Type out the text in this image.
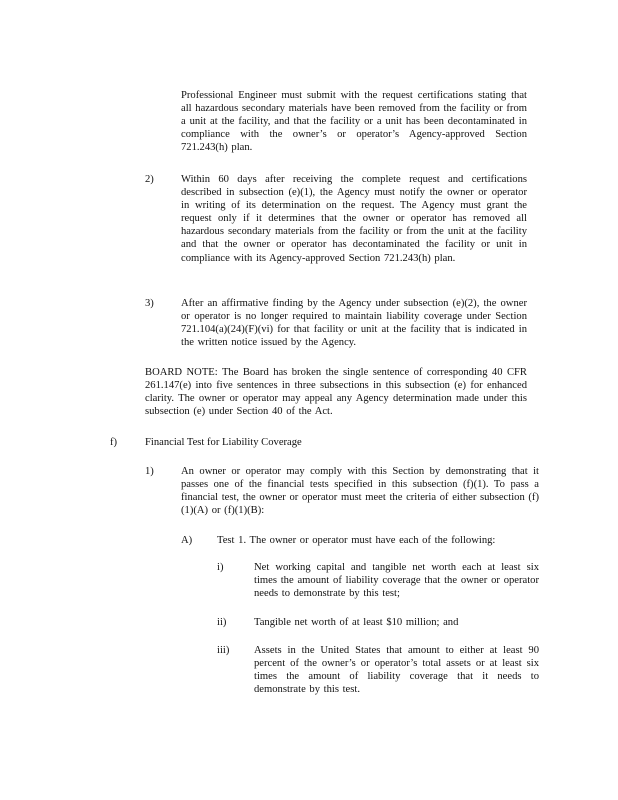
Professional Engineer must submit with the request certifications stating that all hazardous secondary materials have been removed from the facility or from a unit at the facility, and that the facility or a unit has been decontaminated in compliance with the owner’s or operator’s Agency-approved Section 721.243(h) plan.
2)	Within 60 days after receiving the complete request and certifications described in subsection (e)(1), the Agency must notify the owner or operator in writing of its determination on the request. The Agency must grant the request only if it determines that the owner or operator has removed all hazardous secondary materials from the facility or from the unit at the facility and that the owner or operator has decontaminated the facility or unit in compliance with its Agency-approved Section 721.243(h) plan.
3)	After an affirmative finding by the Agency under subsection (e)(2), the owner or operator is no longer required to maintain liability coverage under Section 721.104(a)(24)(F)(vi) for that facility or unit at the facility that is indicated in the written notice issued by the Agency.
BOARD NOTE: The Board has broken the single sentence of corresponding 40 CFR 261.147(e) into five sentences in three subsections in this subsection (e) for enhanced clarity. The owner or operator may appeal any Agency determination made under this subsection (e) under Section 40 of the Act.
f)	Financial Test for Liability Coverage
1)	An owner or operator may comply with this Section by demonstrating that it passes one of the financial tests specified in this subsection (f)(1). To pass a financial test, the owner or operator must meet the criteria of either subsection (f)(1)(A) or (f)(1)(B):
A) Test 1. The owner or operator must have each of the following:
i)	Net working capital and tangible net worth each at least six times the amount of liability coverage that the owner or operator needs to demonstrate by this test;
ii)	Tangible net worth of at least $10 million; and
iii) Assets in the United States that amount to either at least 90 percent of the owner’s or operator’s total assets or at least six times the amount of liability coverage that it needs to demonstrate by this test.
